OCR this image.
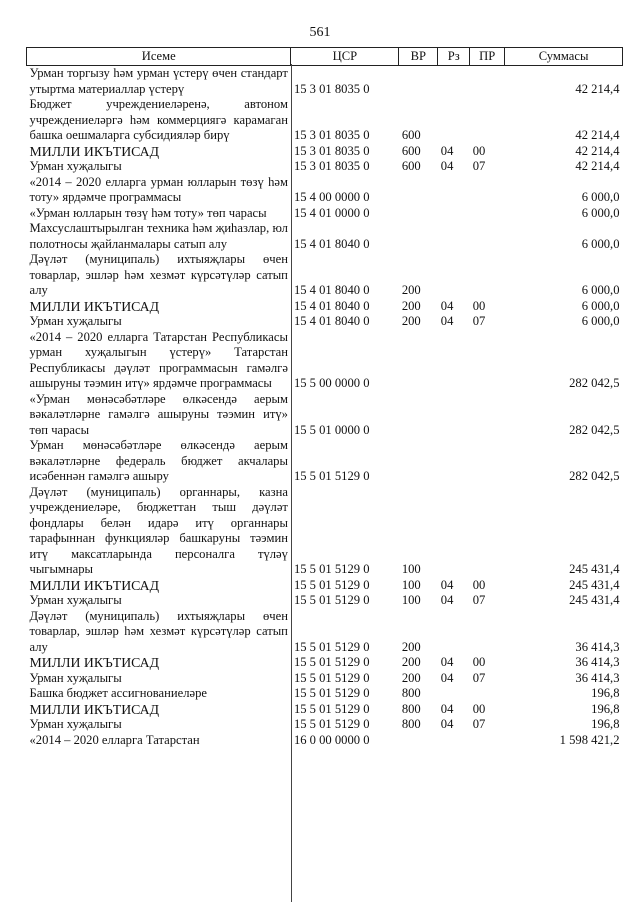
561
Исеме	ЦСР	ВР	Рз	ПР	Суммасы
Урман торгызу һәм урман үстерү өчен стандарт утыртма материаллар үстерү	15 3 01 8035 0				42 214,4
Бюджет учреждениеләренә, автоном учреждениеләргә һәм коммерциягә карамаган башка оешмаларга субсидияләр бирү	15 3 01 8035 0	600			42 214,4
МИЛЛИ ИКЪТИСАД	15 3 01 8035 0	600	04	00	42 214,4
Урман хуҗалыгы	15 3 01 8035 0	600	04	07	42 214,4
«2014 – 2020 елларга урман юлларын төзү һәм тоту» ярдәмче программасы	15 4 00 0000 0				6 000,0
«Урман юлларын төзү һәм тоту» төп чарасы	15 4 01 0000 0				6 000,0
Махсуслаштырылган техника һәм җиһазлар, юл полотносы җайланмалары сатып алу	15 4 01 8040 0				6 000,0
Дәүләт (муниципаль) ихтыяҗлары өчен товарлар, эшләр һәм хезмәт күрсәтүләр сатып алу	15 4 01 8040 0	200			6 000,0
МИЛЛИ ИКЪТИСАД	15 4 01 8040 0	200	04	00	6 000,0
Урман хуҗалыгы	15 4 01 8040 0	200	04	07	6 000,0
«2014 – 2020 елларга Татарстан Республикасы урман хуҗалыгын үстерү» Татарстан Республикасы дәүләт программасын гамәлгә ашыруны тәэмин итү» ярдәмче программасы	15 5 00 0000 0				282 042,5
«Урман мөнәсәбәтләре өлкәсендә аерым вәкаләтләрне гамәлгә ашыруны тәэмин итү» төп чарасы	15 5 01 0000 0				282 042,5
Урман мөнәсәбәтләре өлкәсендә аерым вәкаләтләрне федераль бюджет акчалары исәбеннән гамәлгә ашыру	15 5 01 5129 0				282 042,5
Дәүләт (муниципаль) органнары, казна учреждениеләре, бюджеттан тыш дәүләт фондлары белән идарә итү органнары тарафыннан функцияләр башкаруны тәэмин итү максатларында персоналга түләү чыгымнары	15 5 01 5129 0	100			245 431,4
МИЛЛИ ИКЪТИСАД	15 5 01 5129 0	100	04	00	245 431,4
Урман хуҗалыгы	15 5 01 5129 0	100	04	07	245 431,4
Дәүләт (муниципаль) ихтыяҗлары өчен товарлар, эшләр һәм хезмәт күрсәтүләр сатып алу	15 5 01 5129 0	200			36 414,3
МИЛЛИ ИКЪТИСАД	15 5 01 5129 0	200	04	00	36 414,3
Урман хуҗалыгы	15 5 01 5129 0	200	04	07	36 414,3
Башка бюджет ассигнованиеләре	15 5 01 5129 0	800			196,8
МИЛЛИ ИКЪТИСАД	15 5 01 5129 0	800	04	00	196,8
Урман хуҗалыгы	15 5 01 5129 0	800	04	07	196,8
«2014 – 2020 елларга Татарстан	16 0 00 0000 0				1 598 421,2
